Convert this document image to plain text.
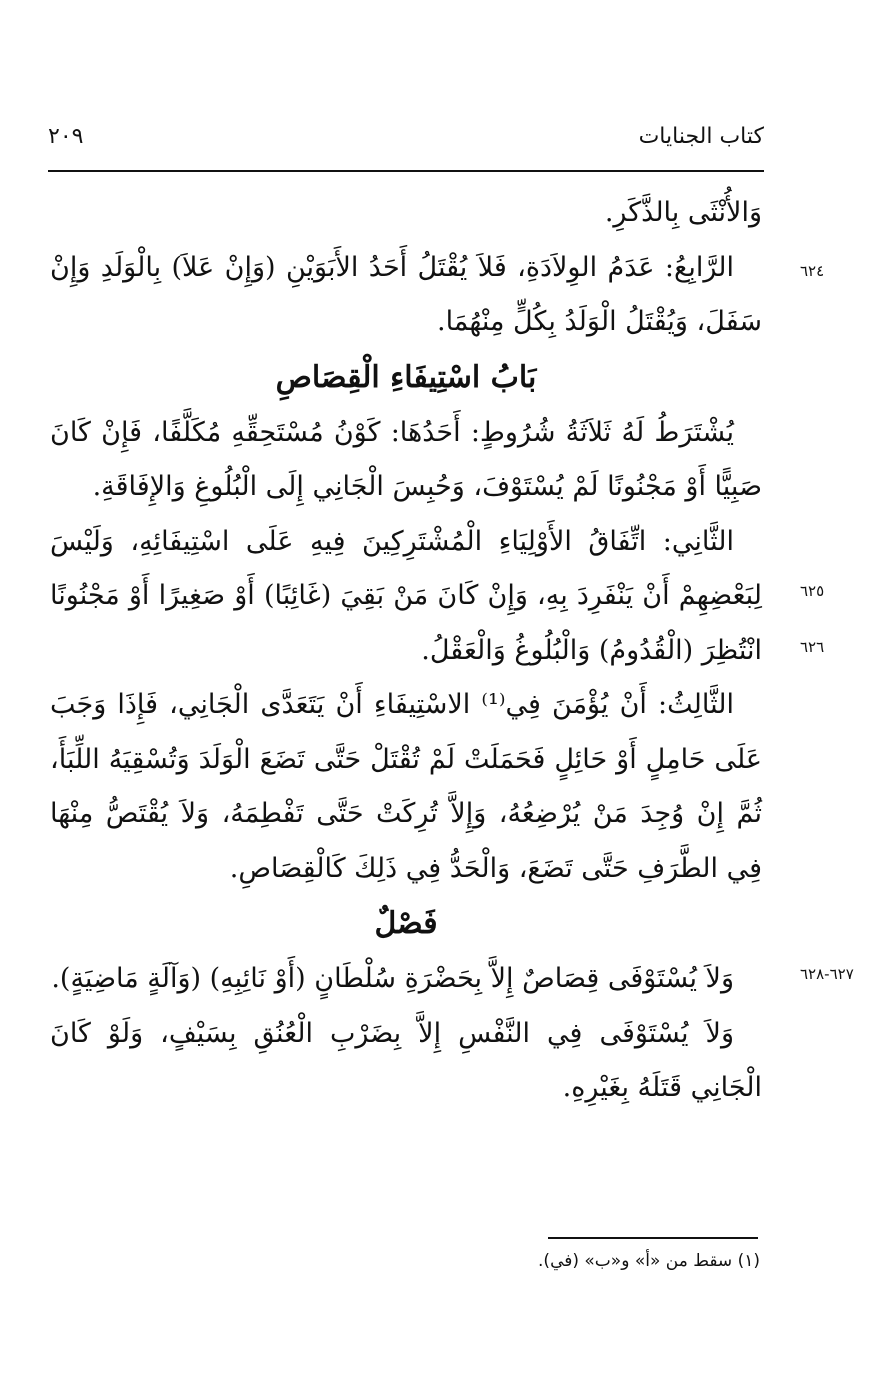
كتاب الجنايات
٢٠٩

وَالأُنْثَى بِالذَّكَرِ.

الرَّابِعُ: عَدَمُ الوِلاَدَةِ، فَلاَ يُقْتَلُ أَحَدُ الأَبَوَيْنِ (وَإِنْ عَلاَ) بِالْوَلَدِ وَإِنْ سَفَلَ، وَيُقْتَلُ الْوَلَدُ بِكُلٍّ مِنْهُمَا.

بَابُ اسْتِيفَاءِ الْقِصَاصِ

يُشْتَرَطُ لَهُ ثَلاَثَةُ شُرُوطٍ: أَحَدُهَا: كَوْنُ مُسْتَحِقِّهِ مُكَلَّفًا، فَإِنْ كَانَ صَبِيًّا أَوْ مَجْنُونًا لَمْ يُسْتَوْفَ، وَحُبِسَ الْجَانِي إِلَى الْبُلُوغِ وَالإِفَاقَةِ.

الثَّانِي: اتِّفَاقُ الأَوْلِيَاءِ الْمُشْتَرِكِينَ فِيهِ عَلَى اسْتِيفَائِهِ، وَلَيْسَ لِبَعْضِهِمْ أَنْ يَنْفَرِدَ بِهِ، وَإِنْ كَانَ مَنْ بَقِيَ (غَائِبًا) أَوْ صَغِيرًا أَوْ مَجْنُونًا انْتُظِرَ (الْقُدُومُ) وَالْبُلُوغُ وَالْعَقْلُ.

الثَّالِثُ: أَنْ يُؤْمَنَ فِي⁽¹⁾ الاسْتِيفَاءِ أَنْ يَتَعَدَّى الْجَانِي، فَإِذَا وَجَبَ عَلَى حَامِلٍ أَوْ حَائِلٍ فَحَمَلَتْ لَمْ تُقْتَلْ حَتَّى تَضَعَ الْوَلَدَ وَتُسْقِيَهُ اللِّبَأَ، ثُمَّ إِنْ وُجِدَ مَنْ يُرْضِعُهُ، وَإِلاَّ تُرِكَتْ حَتَّى تَفْطِمَهُ، وَلاَ يُقْتَصُّ مِنْهَا فِي الطَّرَفِ حَتَّى تَضَعَ، وَالْحَدُّ فِي ذَلِكَ كَالْقِصَاصِ.

فَصْلٌ

وَلاَ يُسْتَوْفَى قِصَاصٌ إِلاَّ بِحَضْرَةِ سُلْطَانٍ (أَوْ نَائِبِهِ) (وَآلَةٍ مَاضِيَةٍ).

وَلاَ يُسْتَوْفَى فِي النَّفْسِ إِلاَّ بِضَرْبِ الْعُنُقِ بِسَيْفٍ، وَلَوْ كَانَ الْجَانِي قَتَلَهُ بِغَيْرِهِ.

٦٢٤
٦٢٥
٦٢٦
٦٢٧-٦٢٨
(١) سقط من «أ» و«ب» (في).
